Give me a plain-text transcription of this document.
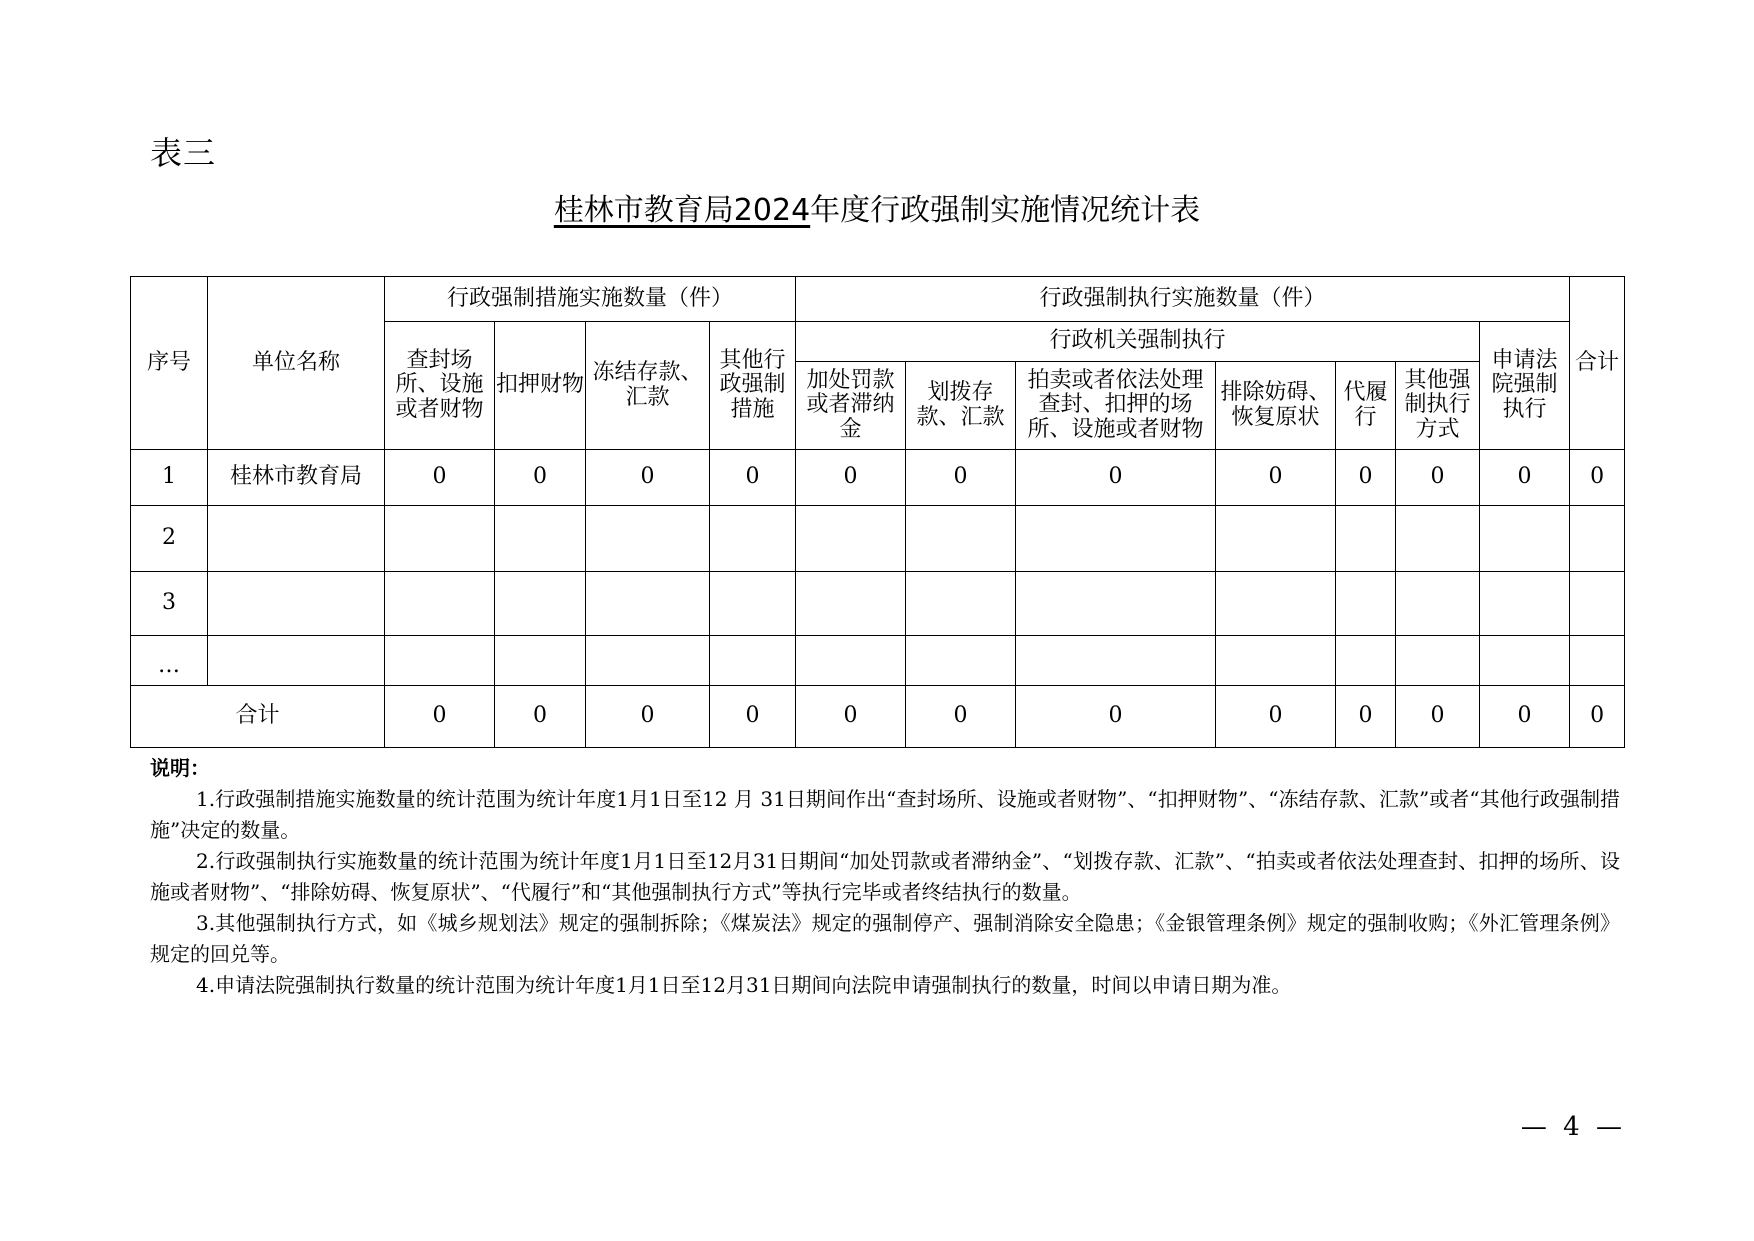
表三
桂林市教育局2024年度行政强制实施情况统计表
序号	单位名称	行政强制措施实施数量（件）				行政强制执行实施数量（件）							合计
		查封场所、设施或者财物	扣押财物	冻结存款、汇款	其他行政强制措施	行政机关强制执行						申请法院强制执行	
						加处罚款或者滞纳金	划拨存款、汇款	拍卖或者依法处理查封、扣押的场所、设施或者财物	排除妨碍、恢复原状	代履行	其他强制执行方式		
1	桂林市教育局	0	0	0	0	0	0	0	0	0	0	0	0
2													
3													
…													
合计		0	0	0	0	0	0	0	0	0	0	0	0
说明：

1.行政强制措施实施数量的统计范围为统计年度1月1日至12 月 31日期间作出“查封场所、设施或者财物”、“扣押财物”、“冻结存款、汇款”或者“其他行政强制措施”决定的数量。

2.行政强制执行实施数量的统计范围为统计年度1月1日至12月31日期间“加处罚款或者滞纳金”、“划拨存款、汇款”、“拍卖或者依法处理查封、扣押的场所、设施或者财物”、“排除妨碍、恢复原状”、“代履行”和“其他强制执行方式”等执行完毕或者终结执行的数量。

3.其他强制执行方式，如《城乡规划法》规定的强制拆除；《煤炭法》规定的强制停产、强制消除安全隐患；《金银管理条例》规定的强制收购；《外汇管理条例》规定的回兑等。

4.申请法院强制执行数量的统计范围为统计年度1月1日至12月31日期间向法院申请强制执行的数量，时间以申请日期为准。

— 4 —
